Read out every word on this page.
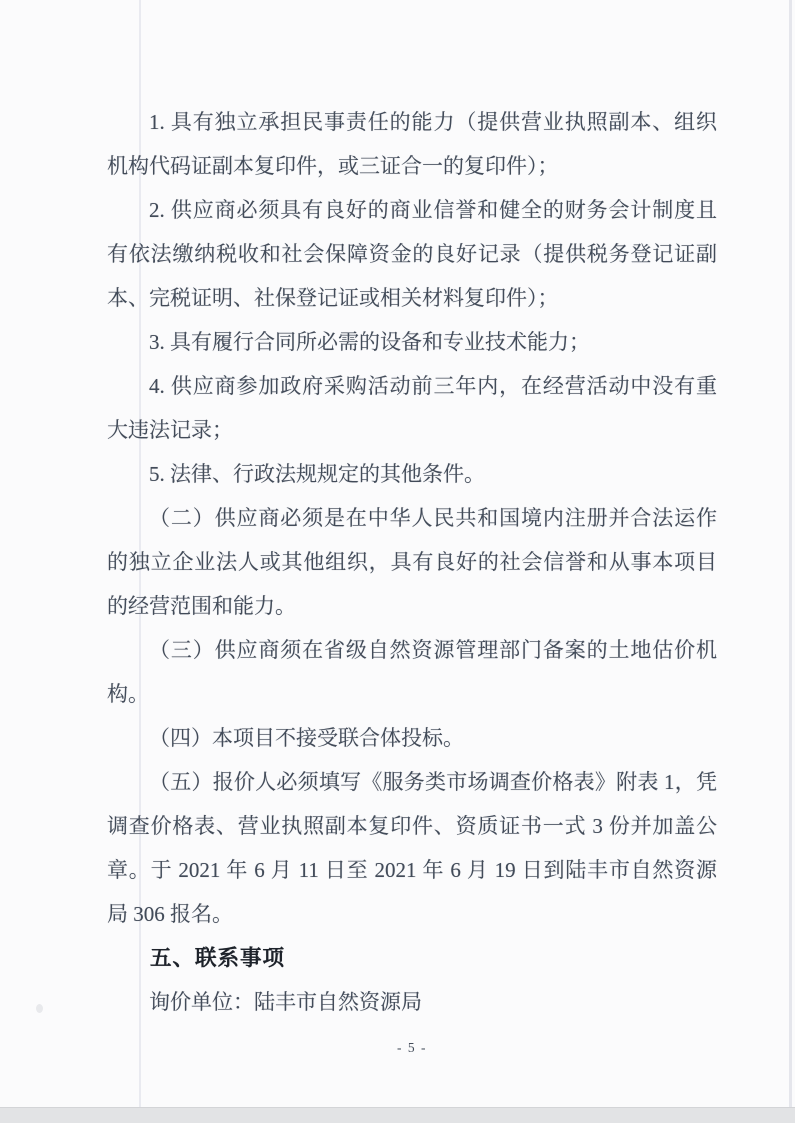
1. 具有独立承担民事责任的能力（提供营业执照副本、组织
机构代码证副本复印件，或三证合一的复印件）；
2. 供应商必须具有良好的商业信誉和健全的财务会计制度且
有依法缴纳税收和社会保障资金的良好记录（提供税务登记证副
本、完税证明、社保登记证或相关材料复印件）；
3. 具有履行合同所必需的设备和专业技术能力；
4. 供应商参加政府采购活动前三年内，在经营活动中没有重
大违法记录；
5. 法律、行政法规规定的其他条件。
（二）供应商必须是在中华人民共和国境内注册并合法运作
的独立企业法人或其他组织，具有良好的社会信誉和从事本项目
的经营范围和能力。
（三）供应商须在省级自然资源管理部门备案的土地估价机
构。
（四）本项目不接受联合体投标。
（五）报价人必须填写《服务类市场调查价格表》附表 1，凭
调查价格表、营业执照副本复印件、资质证书一式 3 份并加盖公
章。于 2021 年 6 月 11 日至 2021 年 6 月 19 日到陆丰市自然资源
局 306 报名。
五、联系事项
询价单位：陆丰市自然资源局
- 5 -
